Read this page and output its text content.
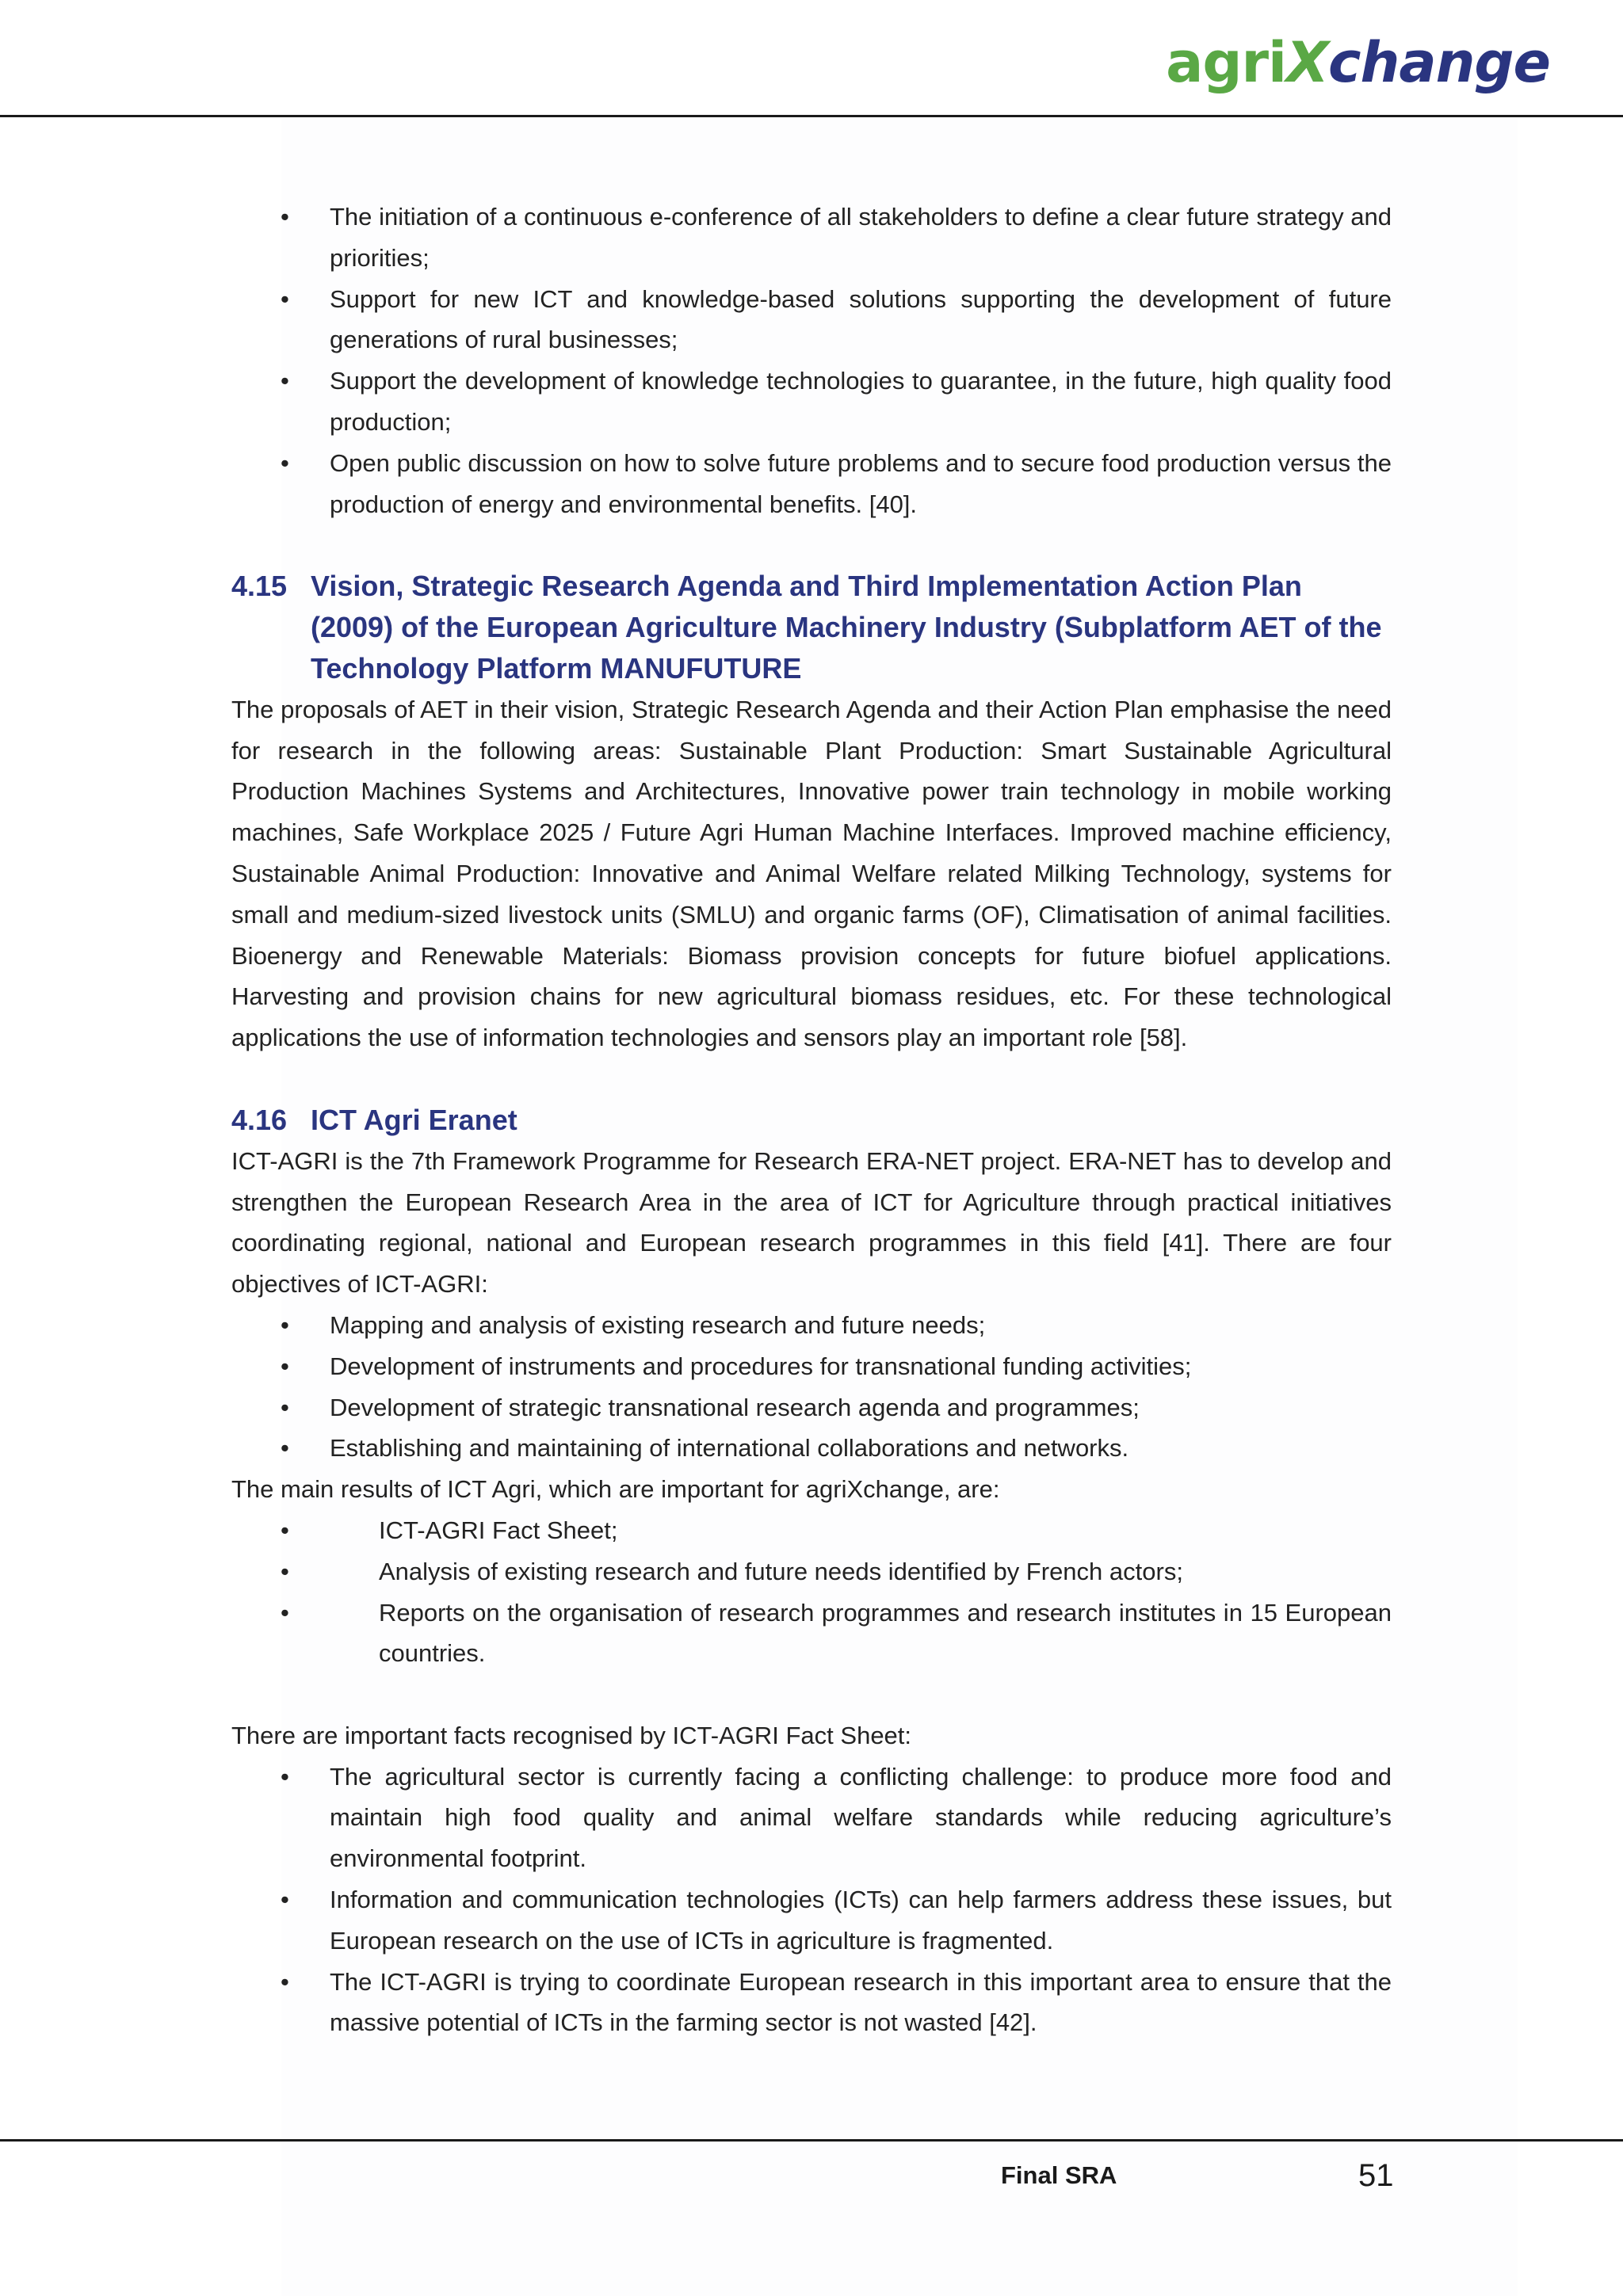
agriXchange
• The initiation of a continuous e-conference of all stakeholders to define a clear future strategy and priorities;
• Support for new ICT and knowledge-based solutions supporting the development of future generations of rural businesses;
• Support the development of knowledge technologies to guarantee, in the future, high quality food production;
• Open public discussion on how to solve future problems and to secure food production versus the production of energy and environmental benefits. [40].
4.15 Vision, Strategic Research Agenda and Third Implementation Action Plan (2009) of the European Agriculture Machinery Industry (Subplatform AET of the Technology Platform MANUFUTURE

The proposals of AET in their vision, Strategic Research Agenda and their Action Plan emphasise the need for research in the following areas: Sustainable Plant Production: Smart Sustainable Agricultural Production Machines Systems and Architectures, Innovative power train technology in mobile working machines, Safe Workplace 2025 / Future Agri Human Machine Interfaces. Improved machine efficiency, Sustainable Animal Production: Innovative and Animal Welfare related Milking Technology, systems for small and medium-sized livestock units (SMLU) and organic farms (OF), Climatisation of animal facilities. Bioenergy and Renewable Materials: Biomass provision concepts for future biofuel applications. Harvesting and provision chains for new agricultural biomass residues, etc. For these technological applications the use of information technologies and sensors play an important role [58].

4.16 ICT Agri Eranet

ICT-AGRI is the 7th Framework Programme for Research ERA-NET project. ERA-NET has to develop and strengthen the European Research Area in the area of ICT for Agriculture through practical initiatives coordinating regional, national and European research programmes in this field [41]. There are four objectives of ICT-AGRI:

• Mapping and analysis of existing research and future needs;
• Development of instruments and procedures for transnational funding activities;
• Development of strategic transnational research agenda and programmes;
• Establishing and maintaining of international collaborations and networks.

The main results of ICT Agri, which are important for agriXchange, are:

• ICT-AGRI Fact Sheet;
• Analysis of existing research and future needs identified by French actors;
• Reports on the organisation of research programmes and research institutes in 15 European countries.

There are important facts recognised by ICT-AGRI Fact Sheet:

• The agricultural sector is currently facing a conflicting challenge: to produce more food and maintain high food quality and animal welfare standards while reducing agriculture’s environmental footprint.
• Information and communication technologies (ICTs) can help farmers address these issues, but European research on the use of ICTs in agriculture is fragmented.
• The ICT-AGRI is trying to coordinate European research in this important area to ensure that the massive potential of ICTs in the farming sector is not wasted [42].
Final SRA	51
